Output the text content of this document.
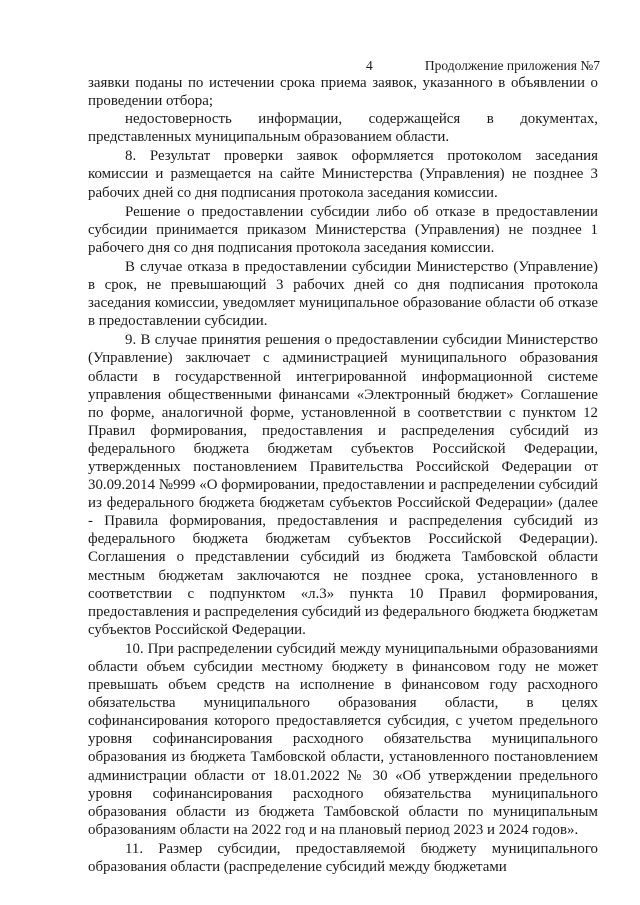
4	Продолжение приложения №7

заявки поданы по истечении срока приема заявок, указанного в объявлении о проведении отбора;

недостоверность информации, содержащейся в документах, представленных муниципальным образованием области.

8. Результат проверки заявок оформляется протоколом заседания комиссии и размещается на сайте Министерства (Управления) не позднее 3 рабочих дней со дня подписания протокола заседания комиссии.

Решение о предоставлении субсидии либо об отказе в предоставлении субсидии принимается приказом Министерства (Управления) не позднее 1 рабочего дня со дня подписания протокола заседания комиссии.

В случае отказа в предоставлении субсидии Министерство (Управление) в срок, не превышающий 3 рабочих дней со дня подписания протокола заседания комиссии, уведомляет муниципальное образование области об отказе в предоставлении субсидии.

9. В случае принятия решения о предоставлении субсидии Министерство (Управление) заключает с администрацией муниципального образования области в государственной интегрированной информационной системе управления общественными финансами «Электронный бюджет» Соглашение по форме, аналогичной форме, установленной в соответствии с пунктом 12 Правил формирования, предоставления и распределения субсидий из федерального бюджета бюджетам субъектов Российской Федерации, утвержденных постановлением Правительства Российской Федерации от 30.09.2014 №999 «О формировании, предоставлении и распределении субсидий из федерального бюджета бюджетам субъектов Российской Федерации» (далее - Правила формирования, предоставления и распределения субсидий из федерального бюджета бюджетам субъектов Российской Федерации). Соглашения о представлении субсидий из бюджета Тамбовской области местным бюджетам заключаются не позднее срока, установленного в соответствии с подпунктом «л.3» пункта 10 Правил формирования, предоставления и распределения субсидий из федерального бюджета бюджетам субъектов Российской Федерации.

10. При распределении субсидий между муниципальными образованиями области объем субсидии местному бюджету в финансовом году не может превышать объем средств на исполнение в финансовом году расходного обязательства муниципального образования области, в целях софинансирования которого предоставляется субсидия, с учетом предельного уровня софинансирования расходного обязательства муниципального образования из бюджета Тамбовской области, установленного постановлением администрации области от 18.01.2022 № 30 «Об утверждении предельного уровня софинансирования расходного обязательства муниципального образования области из бюджета Тамбовской области по муниципальным образованиям области на 2022 год и на плановый период 2023 и 2024 годов».

11. Размер субсидии, предоставляемой бюджету муниципального образования области (распределение субсидий между бюджетами
